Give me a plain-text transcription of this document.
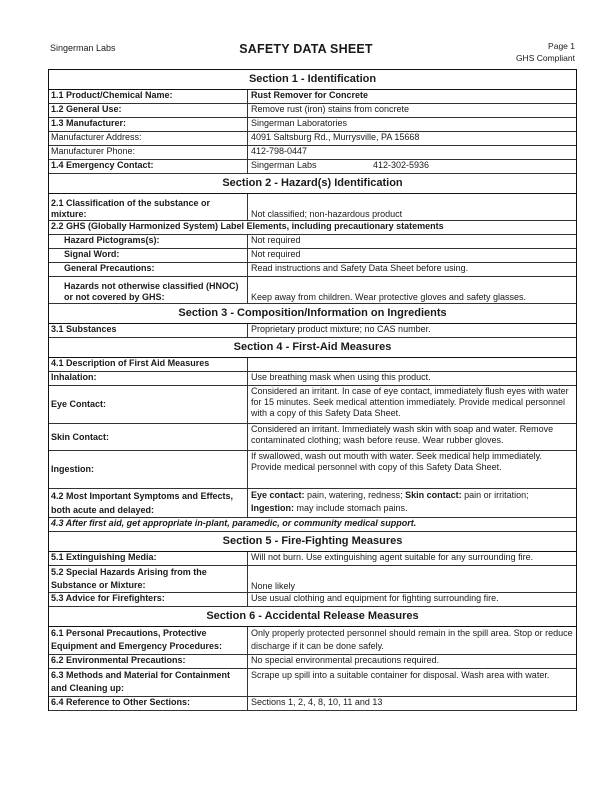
Singerman Labs	SAFETY DATA SHEET	Page 1
GHS Compliant
Section 1 - Identification
1.1 Product/Chemical Name:	Rust Remover for Concrete
1.2 General Use:	Remove rust (iron) stains from concrete
1.3 Manufacturer:	Singerman Laboratories
Manufacturer Address:	4091 Saltsburg Rd., Murrysville, PA 15668
Manufacturer Phone:	412-798-0447
1.4 Emergency Contact:	Singerman Labs	412-302-5936
Section 2 - Hazard(s) Identification
2.1 Classification of the substance or mixture:	Not classified; non-hazardous product
2.2 GHS (Globally Harmonized System) Label Elements, including precautionary statements
Hazard Pictograms(s):	Not required
Signal Word:	Not required
General Precautions:	Read instructions and Safety Data Sheet before using.
Hazards not otherwise classified (HNOC) or not covered by GHS:	Keep away from children. Wear protective gloves and safety glasses.
Section 3 - Composition/Information on Ingredients
3.1 Substances	Proprietary product mixture; no CAS number.
Section 4 - First-Aid Measures
4.1 Description of First Aid Measures
Inhalation:	Use breathing mask when using this product.
Eye Contact:
Considered an irritant. In case of eye contact, immediately flush eyes with water for 15 minutes. Seek medical attention immediately. Provide medical personnel with a copy of this Safety Data Sheet.
Skin Contact:
Considered an irritant. Immediately wash skin with soap and water. Remove contaminated clothing; wash before reuse. Wear rubber gloves.
Ingestion:
If swallowed, wash out mouth with water. Seek medical help immediately. Provide medical personnel with copy of this Safety Data Sheet.
4.2 Most Important Symptoms and Effects, both acute and delayed:
Eye contact: pain, watering, redness; Skin contact: pain or irritation;
Ingestion: may include stomach pains.
4.3 After first aid, get appropriate in-plant, paramedic, or community medical support.
Section 5 - Fire-Fighting Measures
5.1 Extinguishing Media:	Will not burn. Use extinguishing agent suitable for any surrounding fire.
5.2 Special Hazards Arising from the Substance or Mixture:	None likely
5.3 Advice for Firefighters:	Use usual clothing and equipment for fighting surrounding fire.
Section 6 - Accidental Release Measures
6.1 Personal Precautions, Protective Equipment and Emergency Procedures:
Only properly protected personnel should remain in the spill area. Stop or reduce discharge if it can be done safely.
6.2 Environmental Precautions:	No special environmental precautions required.
6.3 Methods and Material for Containment and Cleaning up:
Scrape up spill into a suitable container for disposal. Wash area with water.
6.4 Reference to Other Sections:	Sections 1, 2, 4, 8, 10, 11 and 13
